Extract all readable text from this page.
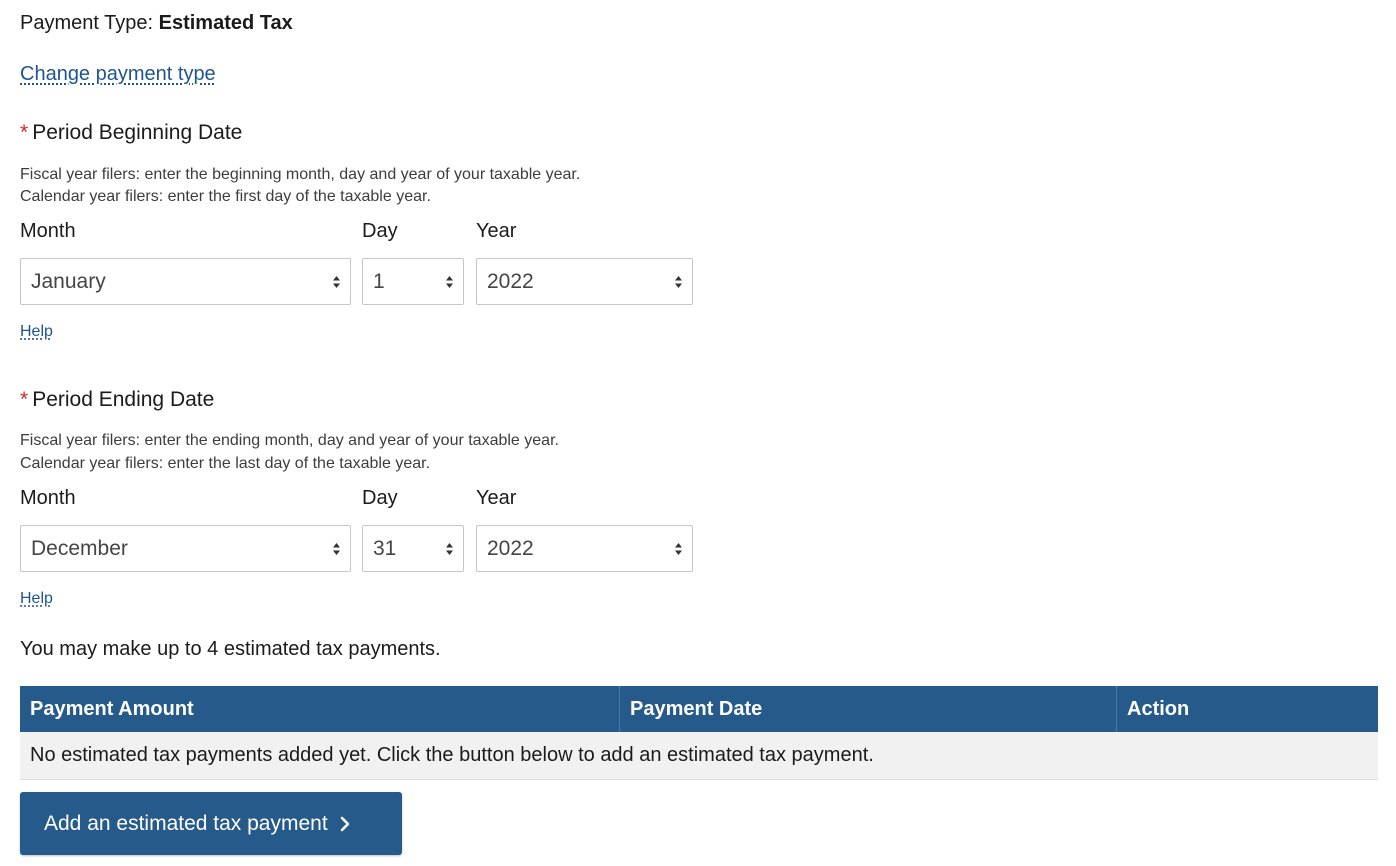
Payment Type: Estimated Tax
Change payment type
* Period Beginning Date
Fiscal year filers: enter the beginning month, day and year of your taxable year.
Calendar year filers: enter the first day of the taxable year.
Month	Day	Year
January	1	2022
Help
* Period Ending Date
Fiscal year filers: enter the ending month, day and year of your taxable year.
Calendar year filers: enter the last day of the taxable year.
Month	Day	Year
December	31	2022
Help
You may make up to 4 estimated tax payments.
Payment Amount	Payment Date	Action
No estimated tax payments added yet. Click the button below to add an estimated tax payment.
Add an estimated tax payment
